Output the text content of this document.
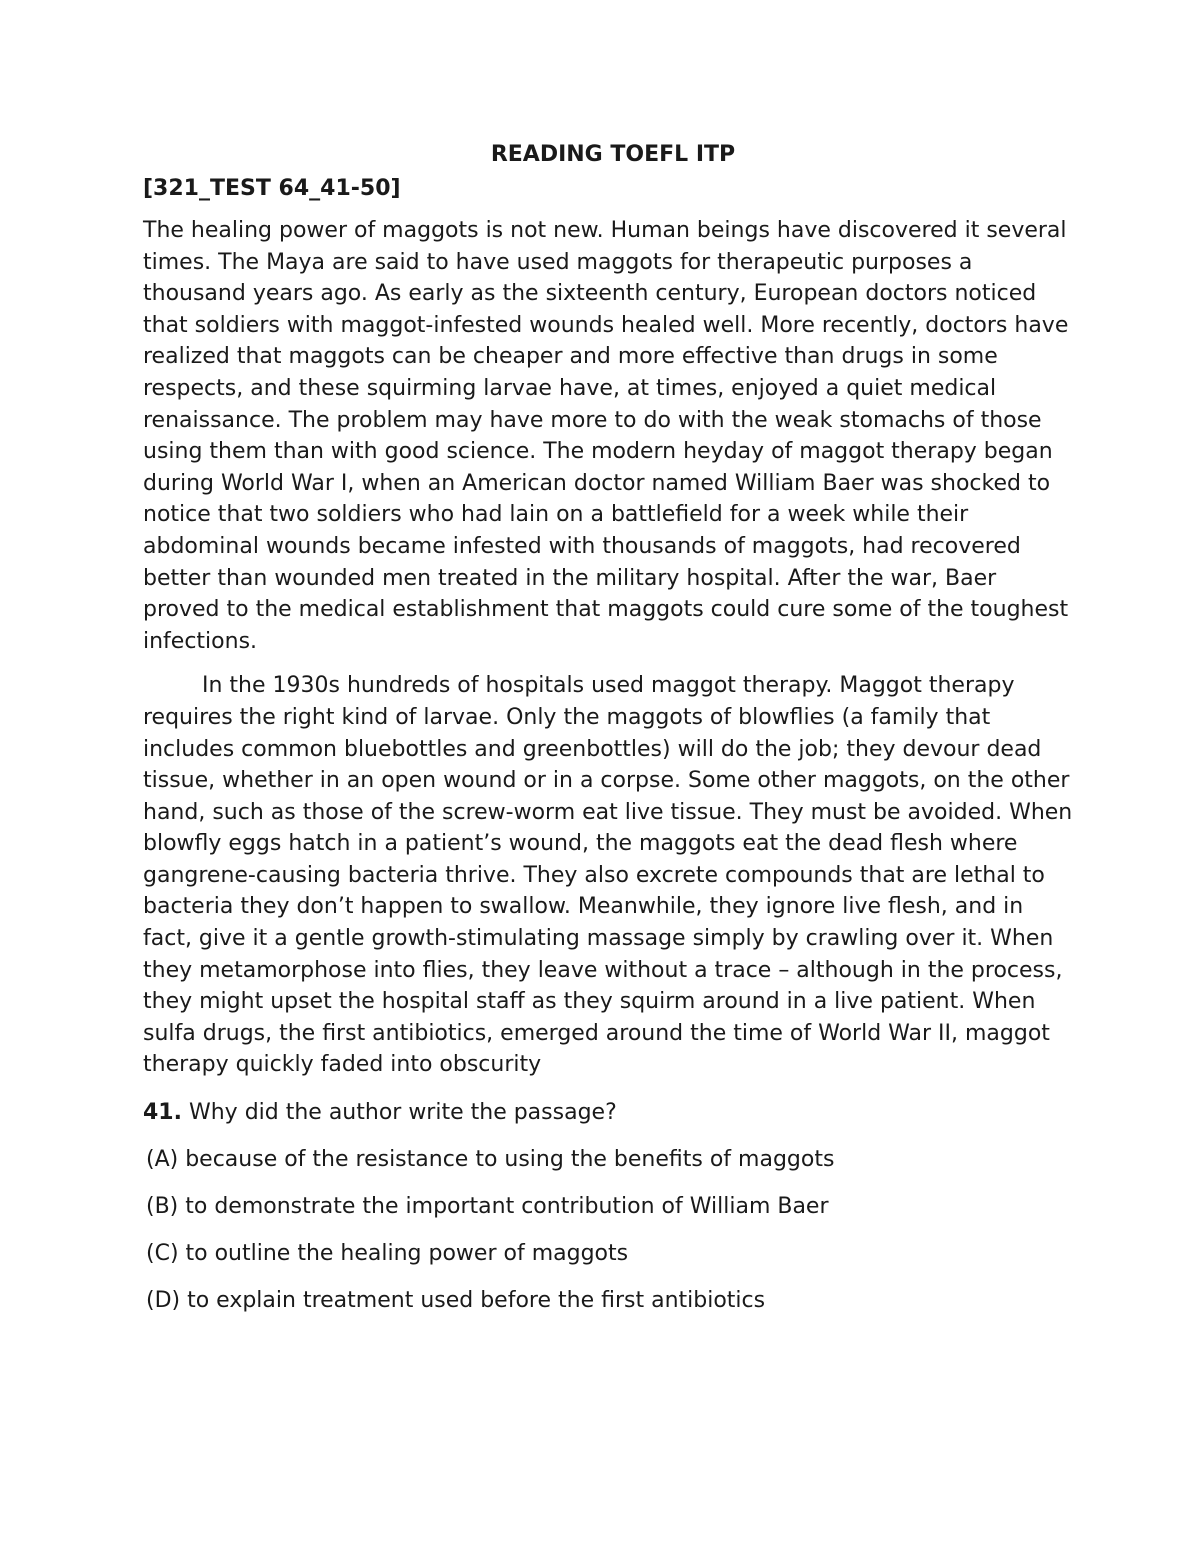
READING TOEFL ITP
[321_TEST 64_41-50]

The healing power of maggots is not new. Human beings have discovered it several times. The Maya are said to have used maggots for therapeutic purposes a thousand years ago. As early as the sixteenth century, European doctors noticed that soldiers with maggot-infested wounds healed well. More recently, doctors have realized that maggots can be cheaper and more effective than drugs in some respects, and these squirming larvae have, at times, enjoyed a quiet medical renaissance. The problem may have more to do with the weak stomachs of those using them than with good science. The modern heyday of maggot therapy began during World War I, when an American doctor named William Baer was shocked to notice that two soldiers who had lain on a battlefield for a week while their abdominal wounds became infested with thousands of maggots, had recovered better than wounded men treated in the military hospital. After the war, Baer proved to the medical establishment that maggots could cure some of the toughest infections.

In the 1930s hundreds of hospitals used maggot therapy. Maggot therapy requires the right kind of larvae. Only the maggots of blowflies (a family that includes common bluebottles and greenbottles) will do the job; they devour dead tissue, whether in an open wound or in a corpse. Some other maggots, on the other hand, such as those of the screw-worm eat live tissue. They must be avoided. When blowfly eggs hatch in a patient’s wound, the maggots eat the dead flesh where gangrene-causing bacteria thrive. They also excrete compounds that are lethal to bacteria they don’t happen to swallow. Meanwhile, they ignore live flesh, and in fact, give it a gentle growth-stimulating massage simply by crawling over it. When they metamorphose into flies, they leave without a trace – although in the process, they might upset the hospital staff as they squirm around in a live patient. When sulfa drugs, the first antibiotics, emerged around the time of World War II, maggot therapy quickly faded into obscurity

41. Why did the author write the passage?
(A) because of the resistance to using the benefits of maggots
(B) to demonstrate the important contribution of William Baer
(C) to outline the healing power of maggots
(D) to explain treatment used before the first antibiotics
